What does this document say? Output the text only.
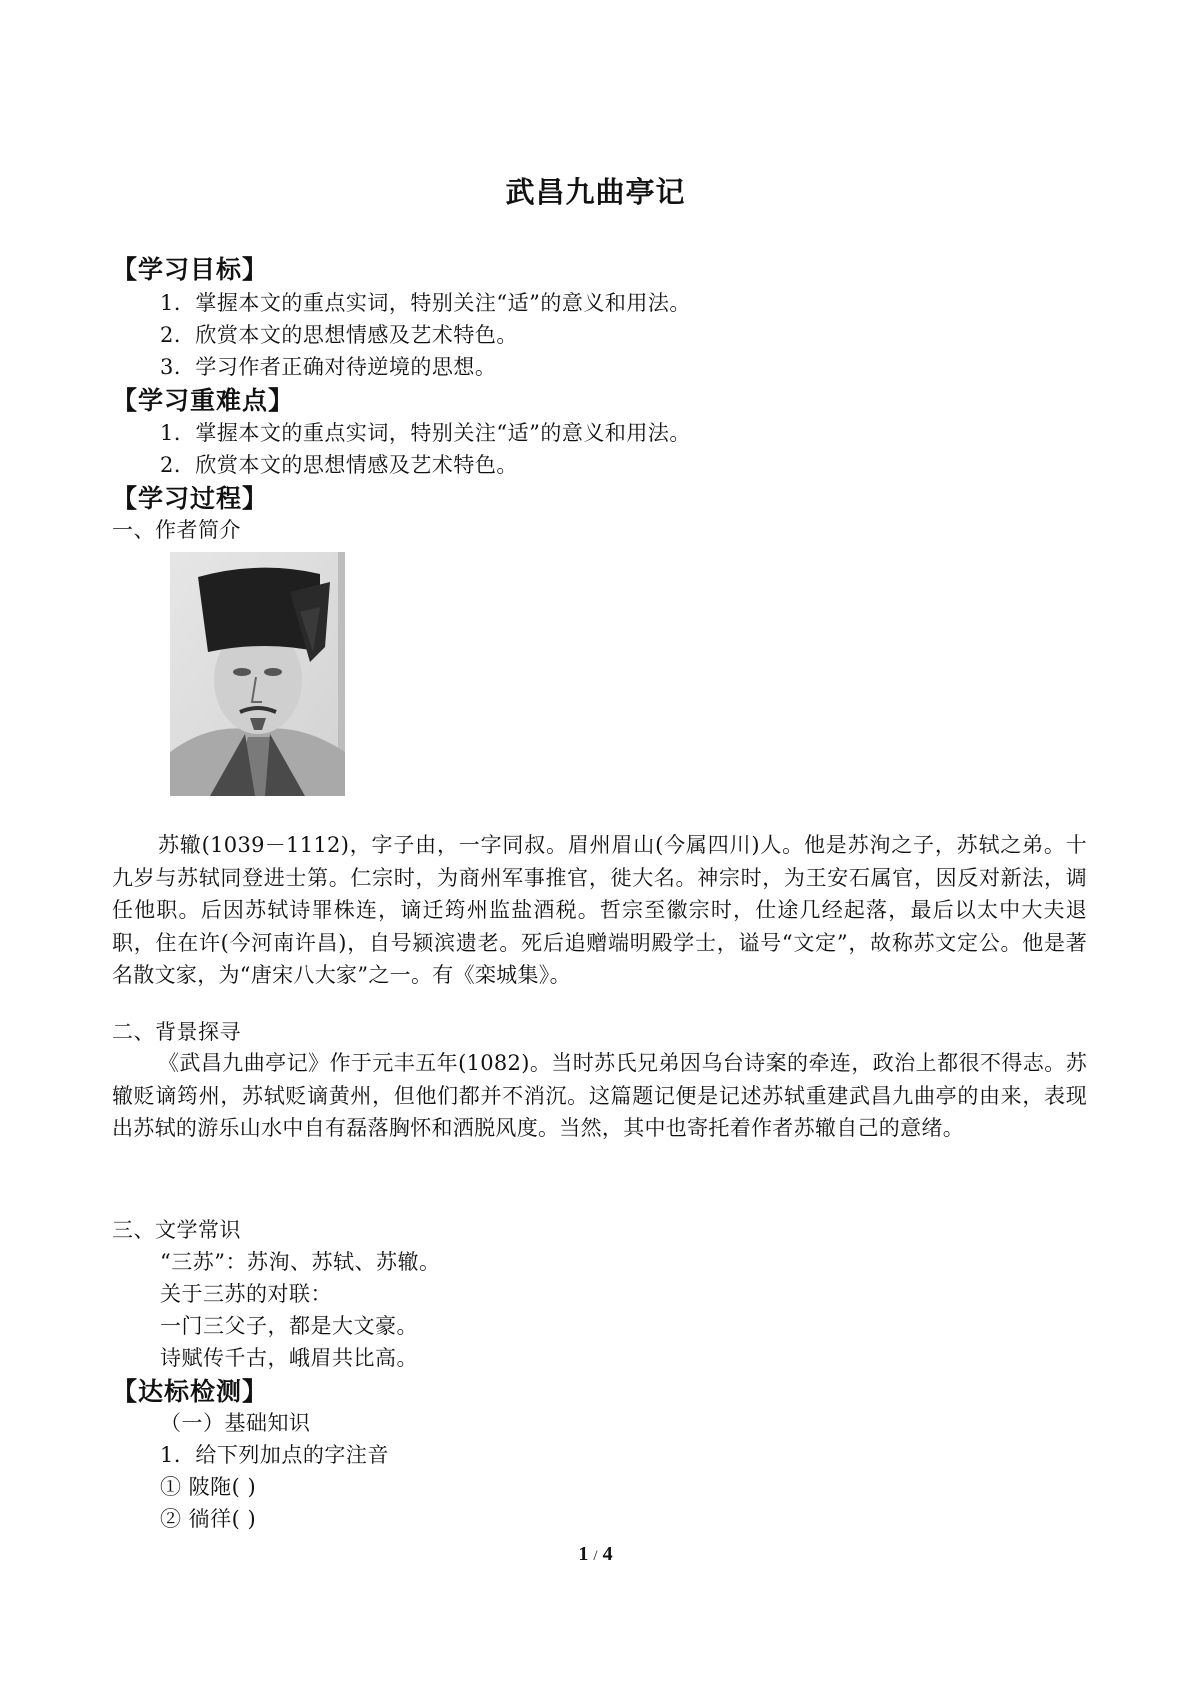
武昌九曲亭记
【学习目标】
1．掌握本文的重点实词，特别关注“适”的意义和用法。
2．欣赏本文的思想情感及艺术特色。
3．学习作者正确对待逆境的思想。
【学习重难点】
1．掌握本文的重点实词，特别关注“适”的意义和用法。
2．欣赏本文的思想情感及艺术特色。
【学习过程】
一、作者简介
苏辙(1039－1112)，字子由，一字同叔。眉州眉山(今属四川)人。他是苏洵之子，苏轼之弟。十九岁与苏轼同登进士第。仁宗时，为商州军事推官，徙大名。神宗时，为王安石属官，因反对新法，调任他职。后因苏轼诗罪株连，谪迁筠州监盐酒税。哲宗至徽宗时，仕途几经起落，最后以太中大夫退职，住在许(今河南许昌)，自号颍滨遗老。死后追赠端明殿学士，谥号“文定”，故称苏文定公。他是著名散文家，为“唐宋八大家”之一。有《栾城集》。
二、背景探寻
《武昌九曲亭记》作于元丰五年(1082)。当时苏氏兄弟因乌台诗案的牵连，政治上都很不得志。苏辙贬谪筠州，苏轼贬谪黄州，但他们都并不消沉。这篇题记便是记述苏轼重建武昌九曲亭的由来，表现出苏轼的游乐山水中自有磊落胸怀和洒脱风度。当然，其中也寄托着作者苏辙自己的意绪。
三、文学常识
“三苏”：苏洵、苏轼、苏辙。
关于三苏的对联：
一门三父子，都是大文豪。
诗赋传千古，峨眉共比高。
【达标检测】
（一）基础知识
1．给下列加点的字注音
① 陂陁( )
② 徜徉( )
1 / 4
